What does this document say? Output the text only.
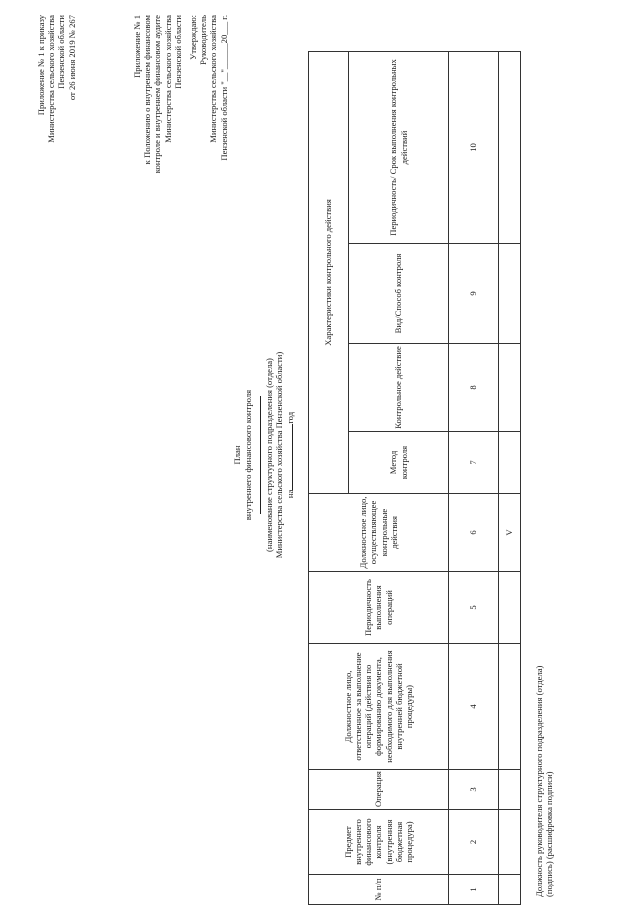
Приложение № 1 к приказу Министерства сельского хозяйства Пензенской области от 26 июня 2019 № 267	Приложение № 1 к Положению о внутреннем финансовом контроле и внутреннем финансовом аудите Министерства сельского хозяйства Пензенской области Утверждаю: Руководитель Министерства сельского хозяйства Пензенской области "__"______20___ г.
План внутреннего финансового контроля (наименование структурного подразделения (отдела) Министерства сельского хозяйства Пензенской области) нагод
№ п/п	Предмет внутреннего финансового контроля (внутренняя бюджетная процедура)	Операция	Должностное лицо, ответственное за выполнение операций (действия по формированию документа, необходимого для выполнения внутренней бюджетной процедуры)	Периодичность выполнения операций	Должностное лицо, осуществляющее контрольные действия	Характеристики контрольного действия			
						Метод контроля	Контрольное действие	Вид/Способ контроля	Периодичность/ Срок выполнения контрольных действий
1	2	3	4	5	6	7	8	9	10
					V				
Должность руководителя структурного подразделения (отдела) (подпись) (расшифровка подписи)
